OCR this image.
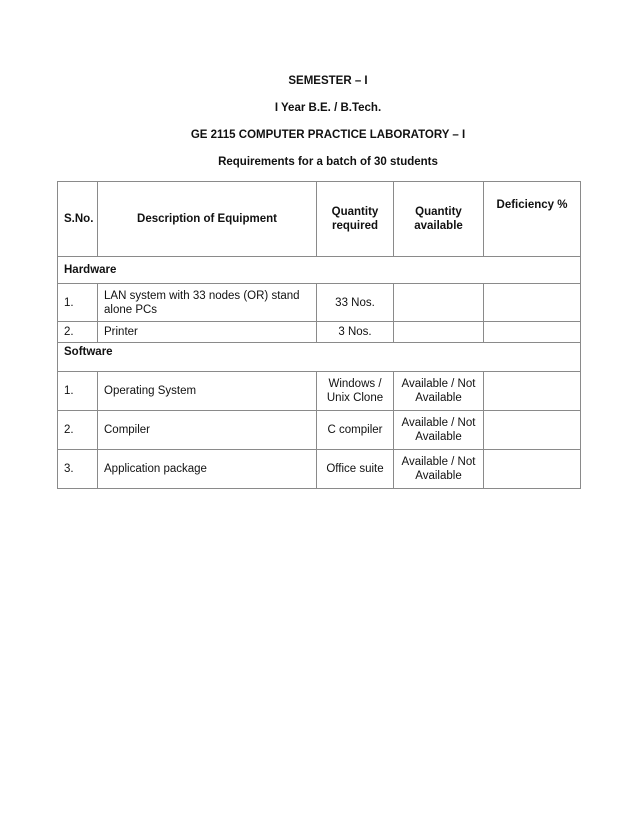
SEMESTER – I
I Year B.E. / B.Tech.
GE 2115 COMPUTER PRACTICE LABORATORY – I
Requirements for a batch of 30 students
S.No.	Description of Equipment	Quantity required	Quantity available	Deficiency %
Hardware				
1.	LAN system with 33 nodes (OR) stand alone PCs	33 Nos.		
2.	Printer	3 Nos.		
Software				
1.	Operating System	Windows / Unix Clone	Available / Not Available	
2.	Compiler	C compiler	Available / Not Available	
3.	Application package	Office suite	Available / Not Available	
